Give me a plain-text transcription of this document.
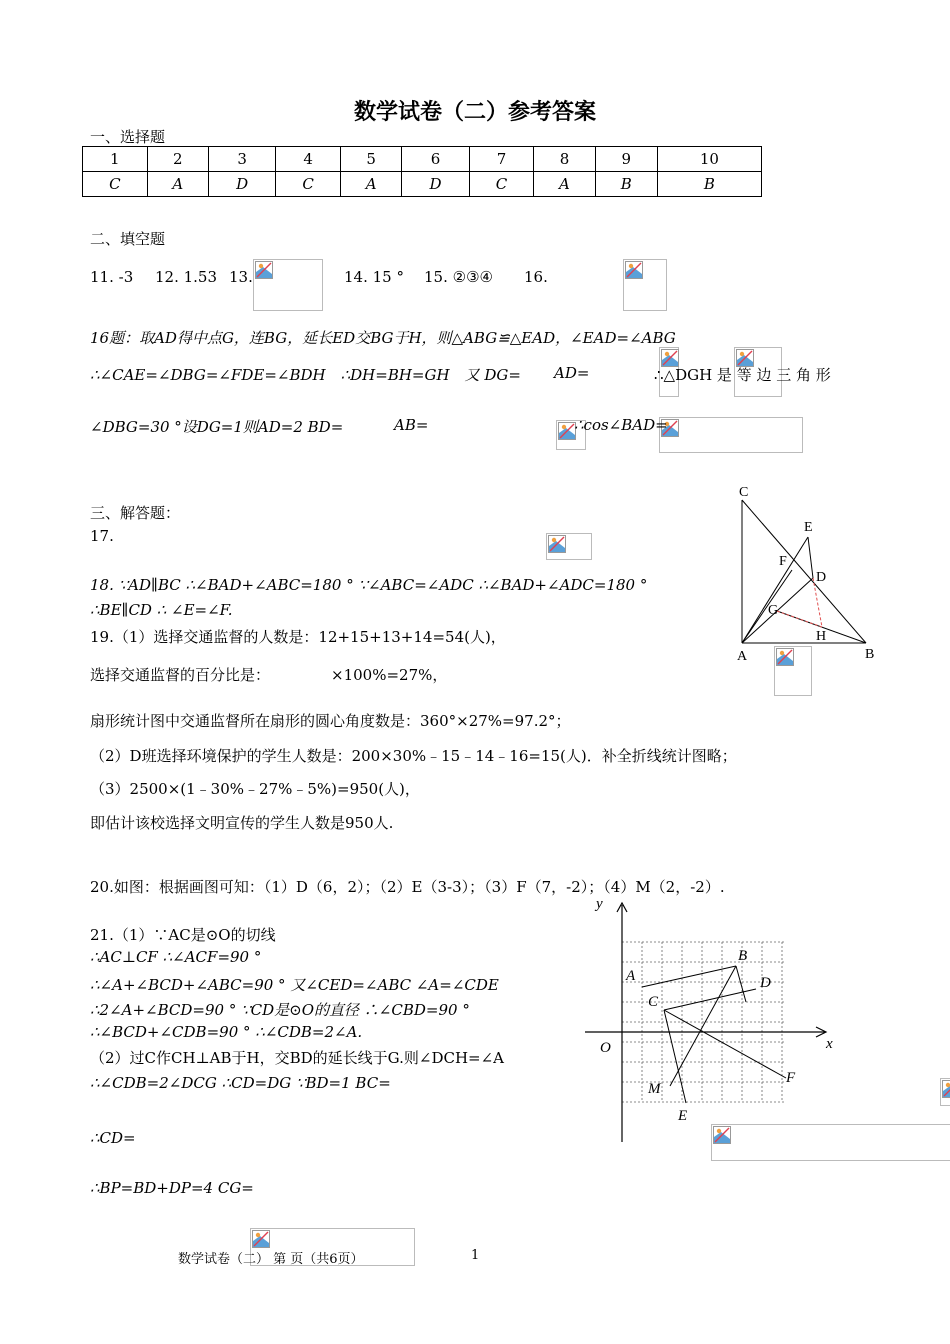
数学试卷（二）参考答案
一、选择题
1	2	3	4	5	6	7	8	9	10
C	A	D	C	A	D	C	A	B	B
二、填空题
11. -3 12. 1.53 13.
	14. 15 ° 15. ②③④ 16.

16题：取AD得中点G，连BG，延长ED交BG于H，则△ABG≌△EAD，∠EAD=∠ABG
∴∠CAE=∠DBG=∠FDE=∠BDH　∴DH=BH=GH　又 DG=
AD=
	∴△DGH 是 等 边 三 角 形
∠DBG=30 °设DG=1则AD=2 BD=
	AB=
	∴cos∠BAD=

三、解答题：
17.

18. ∵AD∥BC ∴∠BAD+∠ABC=180 ° ∵∠ABC=∠ADC ∴∠BAD+∠ADC=180 °
∴BE∥CD ∴ ∠E=∠F.
19.（1）选择交通监督的人数是：12+15+13+14=54(人)，
选择交通监督的百分比是：
	×100%=27%，
扇形统计图中交通监督所在扇形的圆心角度数是：360°×27%=97.2°；
（2）D班选择环境保护的学生人数是：200×30%﹣15﹣14﹣16=15(人)．补全折线统计图略；
（3）2500×(1﹣30%﹣27%﹣5%)=950(人)，
即估计该校选择文明宣传的学生人数是950人.
20.如图：根据画图可知：（1）D（6，2）；（2）E（3-3）；（3）F（7，-2）；（4）M（2，-2）.
21.（1）∵AC是⊙O的切线
∴AC⊥CF ∴∠ACF=90 °
∴∠A+∠BCD+∠ABC=90 ° 又∠CED=∠ABC ∠A=∠CDE
∴2∠A+∠BCD=90 ° ∵CD是⊙O的直径 ∴∠CBD=90 °
∴∠BCD+∠CDB=90 ° ∴∠CDB=2∠A.
（2）过C作CH⊥AB于H，交BD的延长线于G.则∠DCH=∠A
∴∠CDB=2∠DCG ∴CD=DG ∵BD=1 BC=

∴CD=

∴BP=BD+DP=4 CG=
C
E
F
D
G
H
A	B
y
x
O
A
B
C
D
F
M
E
数学试卷（二） 第 页（共6页）	1
